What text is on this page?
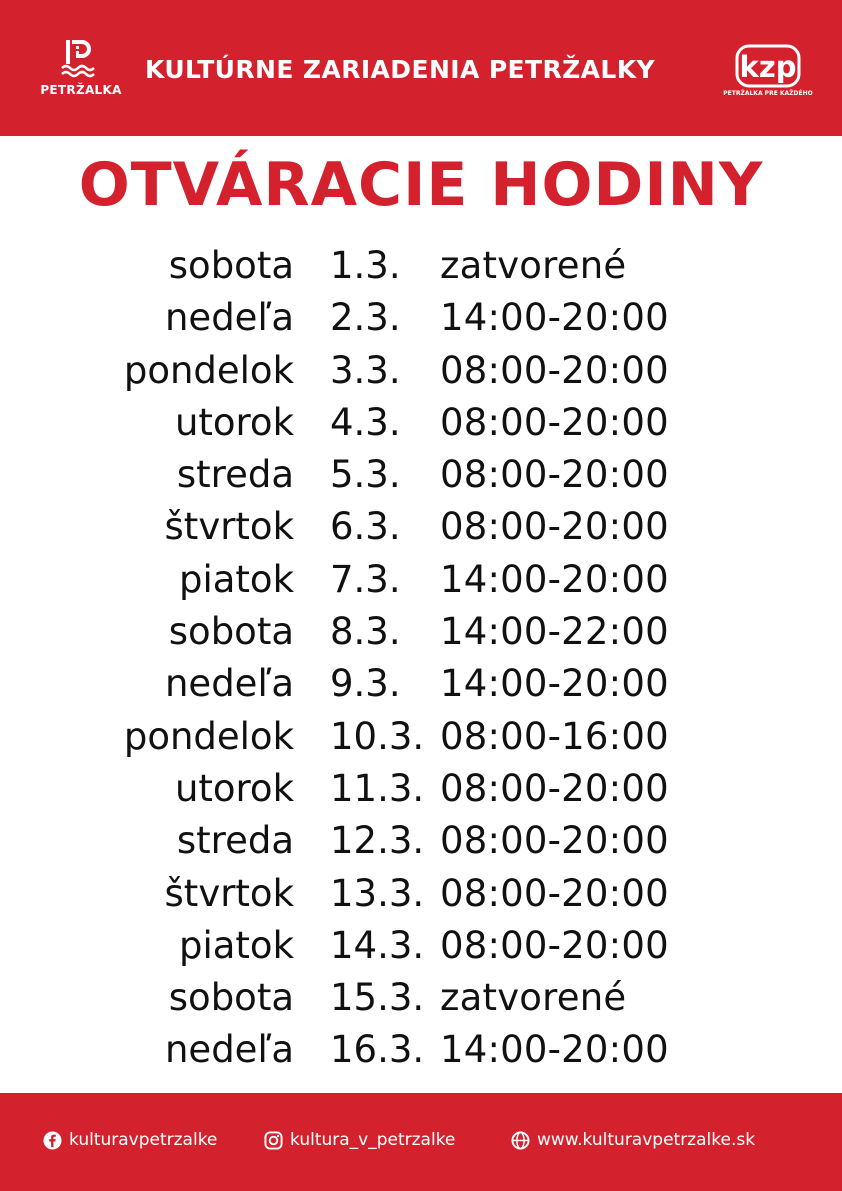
PETRŽALKA
KULTÚRNE ZARIADENIA PETRŽALKY	kzp
PETRŽALKA PRE KAŽDÉHO
OTVÁRACIE HODINY
sobota 1.3. zatvorené
nedeľa 2.3. 14:00-20:00
pondelok 3.3. 08:00-20:00
utorok 4.3. 08:00-20:00
streda 5.3. 08:00-20:00
štvrtok 6.3. 08:00-20:00
piatok 7.3. 14:00-20:00
sobota 8.3. 14:00-22:00
nedeľa 9.3. 14:00-20:00
pondelok 10.3. 08:00-16:00
utorok 11.3. 08:00-20:00
streda 12.3. 08:00-20:00
štvrtok 13.3. 08:00-20:00
piatok 14.3. 08:00-20:00
sobota 15.3. zatvorené
nedeľa 16.3. 14:00-20:00
kulturavpetrzalke	kultura_v_petrzalke	www.kulturavpetrzalke.sk
